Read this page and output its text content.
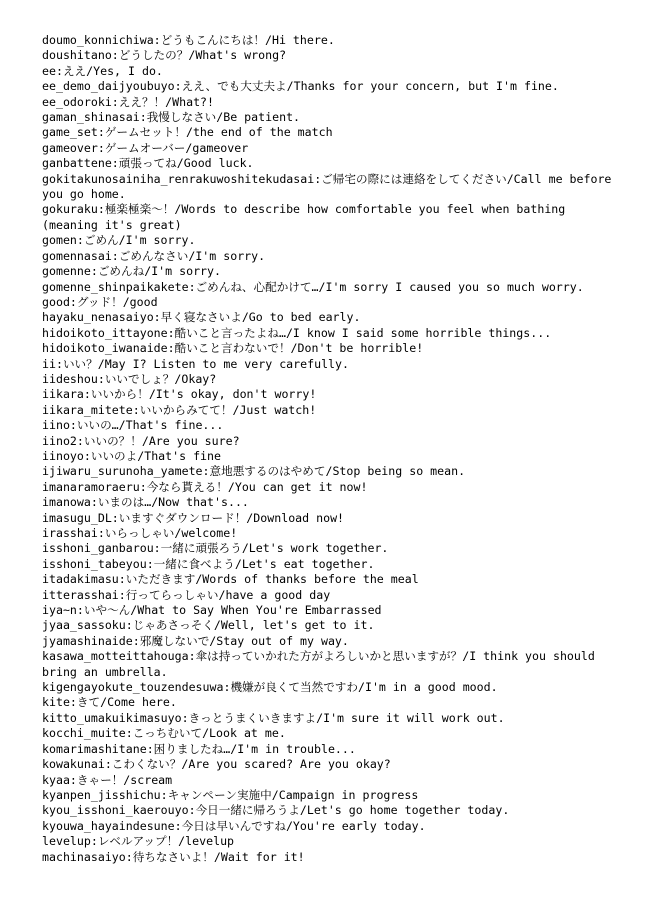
doumo_konnichiwa:どうもこんにちは！/Hi there.
doushitano:どうしたの？/What's wrong?
ee:ええ/Yes, I do.
ee_demo_daijyoubuyo:ええ、でも大丈夫よ/Thanks for your concern, but I'm fine.
ee_odoroki:ええ？！/What?!
gaman_shinasai:我慢しなさい/Be patient.
game_set:ゲームセット！/the end of the match
gameover:ゲームオーバー/gameover
ganbattene:頑張ってね/Good luck.
gokitakunosainiha_renrakuwoshitekudasai:ご帰宅の際には連絡をしてください/Call me before you go home.
gokuraku:極楽極楽～！/Words to describe how comfortable you feel when bathing (meaning it's great)
gomen:ごめん/I'm sorry.
gomennasai:ごめんなさい/I'm sorry.
gomenne:ごめんね/I'm sorry.
gomenne_shinpaikakete:ごめんね、心配かけて…/I'm sorry I caused you so much worry.
good:グッド！/good
hayaku_nenasaiyo:早く寝なさいよ/Go to bed early.
hidoikoto_ittayone:酷いこと言ったよね…/I know I said some horrible things...
hidoikoto_iwanaide:酷いこと言わないで！/Don't be horrible!
ii:いい？/May I? Listen to me very carefully.
iideshou:いいでしょ？/Okay?
iikara:いいから！/It's okay, don't worry!
iikara_mitete:いいからみてて！/Just watch!
iino:いいの…/That's fine...
iino2:いいの？！/Are you sure?
iinoyo:いいのよ/That's fine
ijiwaru_surunoha_yamete:意地悪するのはやめて/Stop being so mean.
imanaramoraeru:今なら貰える！/You can get it now!
imanowa:いまのは…/Now that's...
imasugu_DL:いますぐダウンロード！/Download now!
irasshai:いらっしゃい/welcome!
isshoni_ganbarou:一緒に頑張ろう/Let's work together.
isshoni_tabeyou:一緒に食べよう/Let's eat together.
itadakimasu:いただきます/Words of thanks before the meal
itterasshai:行ってらっしゃい/have a good day
iya~n:いや～ん/What to Say When You're Embarrassed
jyaa_sassoku:じゃあさっそく/Well, let's get to it.
jyamashinaide:邪魔しないで/Stay out of my way.
kasawa_motteittahouga:傘は持っていかれた方がよろしいかと思いますが？/I think you should bring an umbrella.
kigengayokute_touzendesuwa:機嫌が良くて当然ですわ/I'm in a good mood.
kite:きて/Come here.
kitto_umakuikimasuyo:きっとうまくいきますよ/I'm sure it will work out.
kocchi_muite:こっちむいて/Look at me.
komarimashitane:困りましたね…/I'm in trouble...
kowakunai:こわくない？/Are you scared? Are you okay?
kyaa:きゃー！/scream
kyanpen_jisshichu:キャンペーン実施中/Campaign in progress
kyou_isshoni_kaerouyo:今日一緒に帰ろうよ/Let's go home together today.
kyouwa_hayaindesune:今日は早いんですね/You're early today.
levelup:レベルアップ！/levelup
machinasaiyo:待ちなさいよ！/Wait for it!
